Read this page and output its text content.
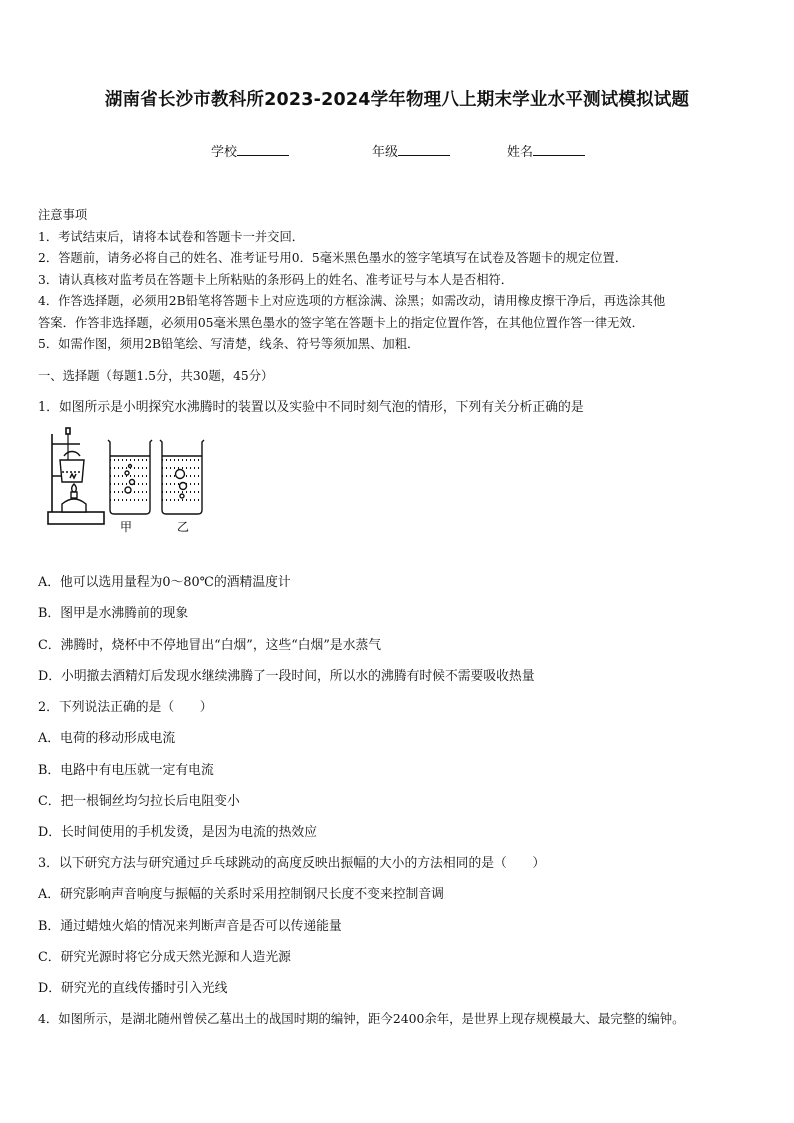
湖南省长沙市教科所2023-2024学年物理八上期末学业水平测试模拟试题
学校	年级	姓名

注意事项

1．考试结束后，请将本试卷和答题卡一并交回．

2．答题前，请务必将自己的姓名、准考证号用0．5毫米黑色墨水的签字笔填写在试卷及答题卡的规定位置．

3．请认真核对监考员在答题卡上所粘贴的条形码上的姓名、准考证号与本人是否相符．

4．作答选择题，必须用2B铅笔将答题卡上对应选项的方框涂满、涂黑；如需改动，请用橡皮擦干净后，再选涂其他

答案．作答非选择题，必须用05毫米黑色墨水的签字笔在答题卡上的指定位置作答，在其他位置作答一律无效．

5．如需作图，须用2B铅笔绘、写清楚，线条、符号等须加黑、加粗．

一、选择题（每题1.5分，共30题，45分）
1．如图所示是小明探究水沸腾时的装置以及实验中不同时刻气泡的情形，下列有关分析正确的是
甲	乙
A．他可以选用量程为0～80℃的酒精温度计
B．图甲是水沸腾前的现象
C．沸腾时，烧杯中不停地冒出“白烟”，这些“白烟”是水蒸气
D．小明撤去酒精灯后发现水继续沸腾了一段时间，所以水的沸腾有时候不需要吸收热量
2．下列说法正确的是（　　）
A．电荷的移动形成电流
B．电路中有电压就一定有电流
C．把一根铜丝均匀拉长后电阻变小
D．长时间使用的手机发烫，是因为电流的热效应
3．以下研究方法与研究通过乒乓球跳动的高度反映出振幅的大小的方法相同的是（　　）
A．研究影响声音响度与振幅的关系时采用控制钢尺长度不变来控制音调
B．通过蜡烛火焰的情况来判断声音是否可以传递能量
C．研究光源时将它分成天然光源和人造光源
D．研究光的直线传播时引入光线
4．如图所示，是湖北随州曾侯乙墓出土的战国时期的编钟，距今2400余年，是世界上现存规模最大、最完整的编钟。
